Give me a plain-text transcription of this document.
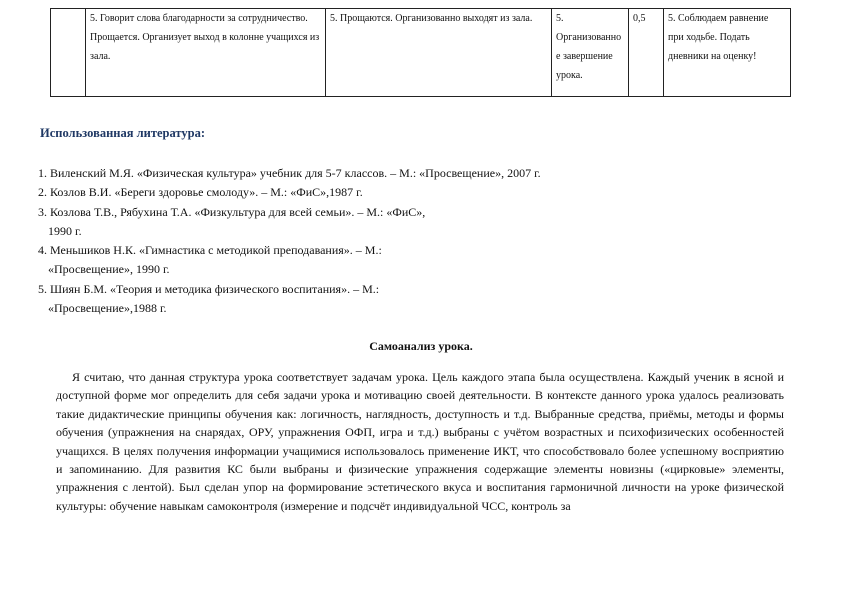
	5. Говорит слова благодарности за сотрудничество. Прощается. Организует выход в колонне учащихся из зала.	5. Прощаются. Организованно выходят из зала.	5. Организованное завершение урока.	0,5	5. Соблюдаем равнение при ходьбе. Подать дневники на оценку!

Использованная литература:

1. Виленский М.Я. «Физическая культура» учебник для 5-7 классов. – М.: «Просвещение», 2007 г.
2. Козлов В.И. «Береги здоровье смолоду». – М.: «ФиС»,1987 г.
3. Козлова Т.В., Рябухина Т.А. «Физкультура для всей семьи». – М.: «ФиС»,
1990 г.
4. Меньшиков Н.К. «Гимнастика с методикой преподавания». – М.:
«Просвещение», 1990 г.
5. Шиян Б.М. «Теория и методика физического воспитания». – М.:
«Просвещение»,1988 г.

Самоанализ урока.

Я считаю, что данная структура урока соответствует задачам урока. Цель каждого этапа была осуществлена. Каждый ученик в ясной и доступной форме мог определить для себя задачи урока и мотивацию своей деятельности. В контексте данного урока удалось реализовать такие дидактические принципы обучения как: логичность, наглядность, доступность и т.д. Выбранные средства, приёмы, методы и формы обучения (упражнения на снарядах, ОРУ, упражнения ОФП, игра и т.д.) выбраны с учётом возрастных и психофизических особенностей учащихся. В целях получения информации учащимися использовалось применение ИКТ, что способствовало более успешному восприятию и запоминанию. Для развития КС были выбраны и физические упражнения содержащие элементы новизны («цирковые» элементы, упражнения с лентой). Был сделан упор на формирование эстетического вкуса и воспитания гармоничной личности на уроке физической культуры: обучение навыкам самоконтроля (измерение и подсчёт индивидуальной ЧСС, контроль за
